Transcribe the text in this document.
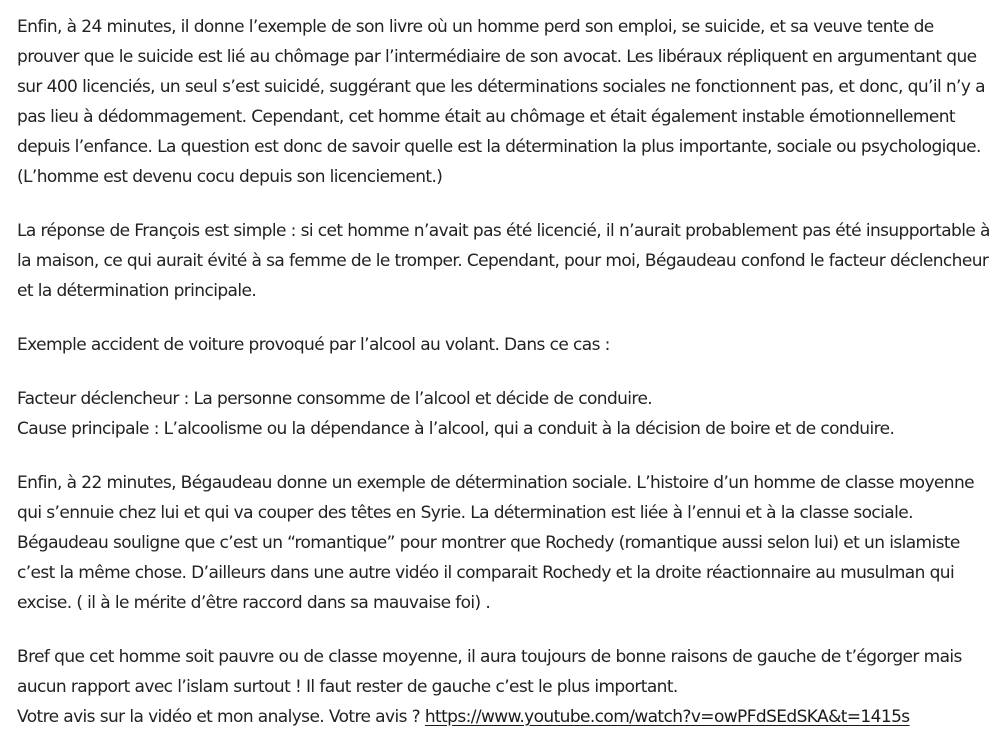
Enfin, à 24 minutes, il donne l’exemple de son livre où un homme perd son emploi, se suicide, et sa veuve tente de
prouver que le suicide est lié au chômage par l’intermédiaire de son avocat. Les libéraux répliquent en argumentant que
sur 400 licenciés, un seul s’est suicidé, suggérant que les déterminations sociales ne fonctionnent pas, et donc, qu’il n’y a
pas lieu à dédommagement. Cependant, cet homme était au chômage et était également instable émotionnellement
depuis l’enfance. La question est donc de savoir quelle est la détermination la plus importante, sociale ou psychologique.
(L’homme est devenu cocu depuis son licenciement.)

La réponse de François est simple : si cet homme n’avait pas été licencié, il n’aurait probablement pas été insupportable à
la maison, ce qui aurait évité à sa femme de le tromper. Cependant, pour moi, Bégaudeau confond le facteur déclencheur
et la détermination principale.

Exemple accident de voiture provoqué par l’alcool au volant. Dans ce cas :

Facteur déclencheur : La personne consomme de l’alcool et décide de conduire.
Cause principale : L’alcoolisme ou la dépendance à l’alcool, qui a conduit à la décision de boire et de conduire.

Enfin, à 22 minutes, Bégaudeau donne un exemple de détermination sociale. L’histoire d’un homme de classe moyenne
qui s’ennuie chez lui et qui va couper des têtes en Syrie. La détermination est liée à l’ennui et à la classe sociale.
Bégaudeau souligne que c’est un “romantique” pour montrer que Rochedy (romantique aussi selon lui) et un islamiste
c’est la même chose. D’ailleurs dans une autre vidéo il comparait Rochedy et la droite réactionnaire au musulman qui
excise. ( il à le mérite d’être raccord dans sa mauvaise foi) .

Bref que cet homme soit pauvre ou de classe moyenne, il aura toujours de bonne raisons de gauche de t’égorger mais
aucun rapport avec l’islam surtout ! Il faut rester de gauche c’est le plus important.
Votre avis sur la vidéo et mon analyse. Votre avis ? https://www.youtube.com/watch?v=owPFdSEdSKA&t=1415s
